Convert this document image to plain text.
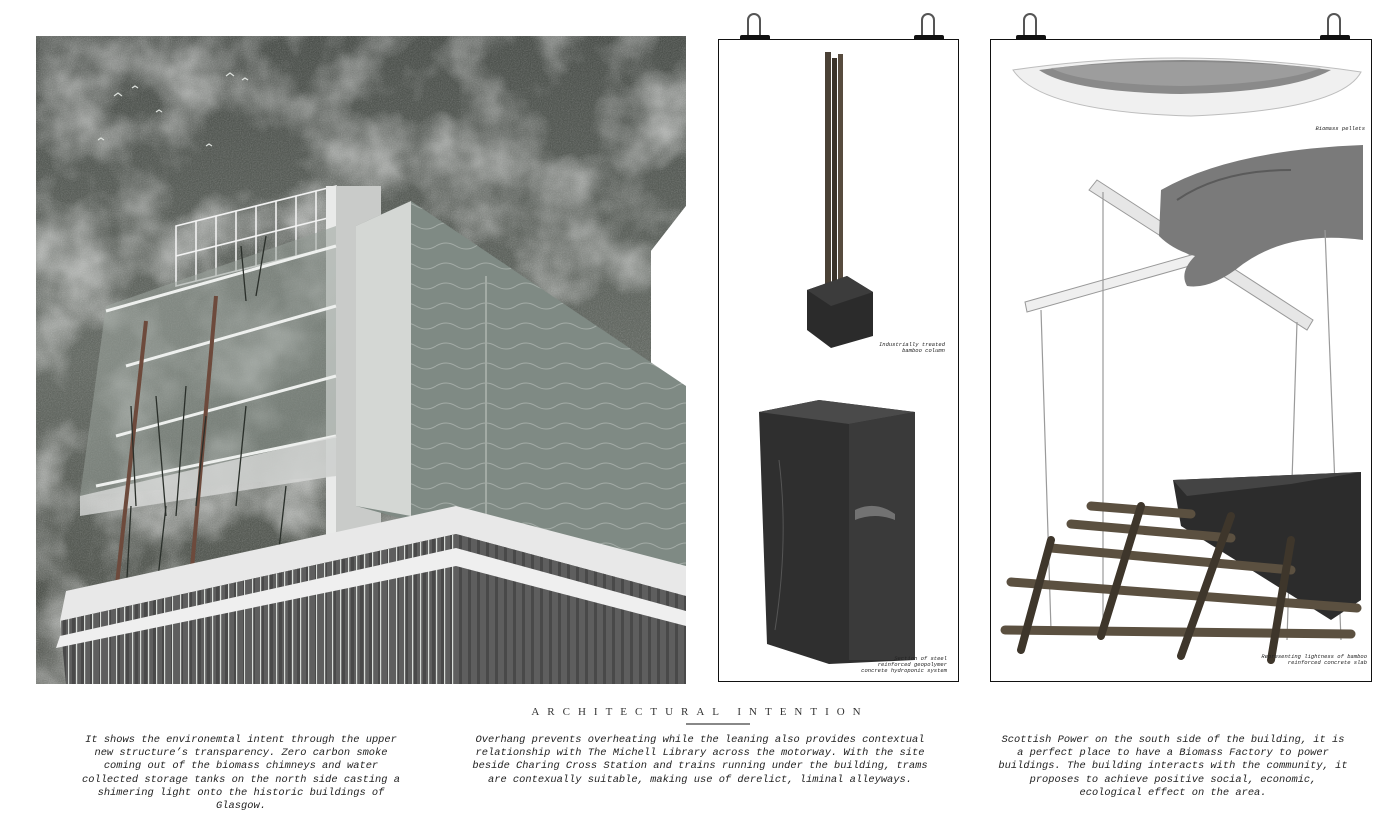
Industrially treated bamboo column
Section of steel reinforced geopolymer concrete hydroponic system
Biomass pellets
Representing lightness of bamboo reinforced concrete slab
ARCHITECTURAL INTENTION
It shows the environemtal intent through the upper new structure’s transparency. Zero carbon smoke coming out of the biomass chimneys and water collected storage tanks on the north side casting a shimering light onto the historic buildings of Glasgow.
Overhang prevents overheating while the leaning also provides contextual relationship with The Michell Library across the motorway. With the site beside Charing Cross Station and trains running under the building, trams are contexually suitable, making use of derelict, liminal alleyways.
Scottish Power on the south side of the building, it is a perfect place to have a Biomass Factory to power buildings. The building interacts with the community, it proposes to achieve positive social, economic, ecological effect on the area.
